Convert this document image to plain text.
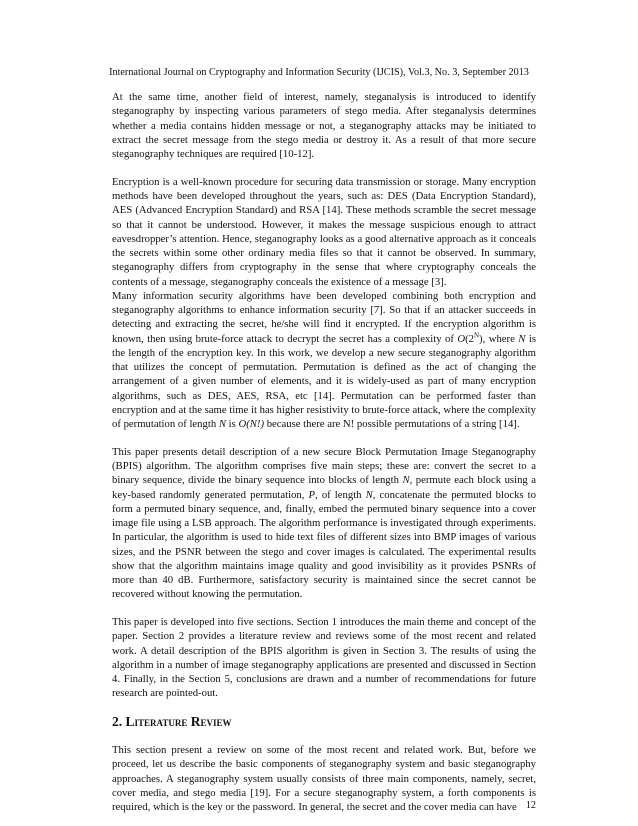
International Journal on Cryptography and Information Security (IJCIS), Vol.3, No. 3, September 2013

At the same time, another field of interest, namely, steganalysis is introduced to identify steganography by inspecting various parameters of stego media. After steganalysis determines whether a media contains hidden message or not, a steganography attacks may be initiated to extract the secret message from the stego media or destroy it. As a result of that more secure steganography techniques are required [10-12].

Encryption is a well-known procedure for securing data transmission or storage. Many encryption methods have been developed throughout the years, such as: DES (Data Encryption Standard), AES (Advanced Encryption Standard) and RSA [14]. These methods scramble the secret message so that it cannot be understood. However, it makes the message suspicious enough to attract eavesdropper’s attention. Hence, steganography looks as a good alternative approach as it conceals the secrets within some other ordinary media files so that it cannot be observed. In summary, steganography differs from cryptography in the sense that where cryptography conceals the contents of a message, steganography conceals the existence of a message [3].

Many information security algorithms have been developed combining both encryption and steganography algorithms to enhance information security [7]. So that if an attacker succeeds in detecting and extracting the secret, he/she will find it encrypted. If the encryption algorithm is known, then using brute-force attack to decrypt the secret has a complexity of $O(2^N)$, where N is the length of the encryption key. In this work, we develop a new secure steganography algorithm that utilizes the concept of permutation. Permutation is defined as the act of changing the arrangement of a given number of elements, and it is widely-used as part of many encryption algorithms, such as DES, AES, RSA, etc [14]. Permutation can be performed faster than encryption and at the same time it has higher resistivity to brute-force attack, where the complexity of permutation of length N is O(N!) because there are N! possible permutations of a string [14].

This paper presents detail description of a new secure Block Permutation Image Steganography (BPIS) algorithm. The algorithm comprises five main steps; these are: convert the secret to a binary sequence, divide the binary sequence into blocks of length N, permute each block using a key-based randomly generated permutation, P, of length N, concatenate the permuted blocks to form a permuted binary sequence, and, finally, embed the permuted binary sequence into a cover image file using a LSB approach. The algorithm performance is investigated through experiments. In particular, the algorithm is used to hide text files of different sizes into BMP images of various sizes, and the PSNR between the stego and cover images is calculated. The experimental results show that the algorithm maintains image quality and good invisibility as it provides PSNRs of more than 40 dB. Furthermore, satisfactory security is maintained since the secret cannot be recovered without knowing the permutation.

This paper is developed into five sections. Section 1 introduces the main theme and concept of the paper. Section 2 provides a literature review and reviews some of the most recent and related work. A detail description of the BPIS algorithm is given in Section 3. The results of using the algorithm in a number of image steganography applications are presented and discussed in Section 4. Finally, in the Section 5, conclusions are drawn and a number of recommendations for future research are pointed-out.

2. Literature Review

This section present a review on some of the most recent and related work. But, before we proceed, let us describe the basic components of steganography system and basic steganography approaches. A steganography system usually consists of three main components, namely, secret, cover media, and stego media [19]. For a secure steganography system, a forth components is required, which is the key or the password. In general, the secret and the cover media can have 12
